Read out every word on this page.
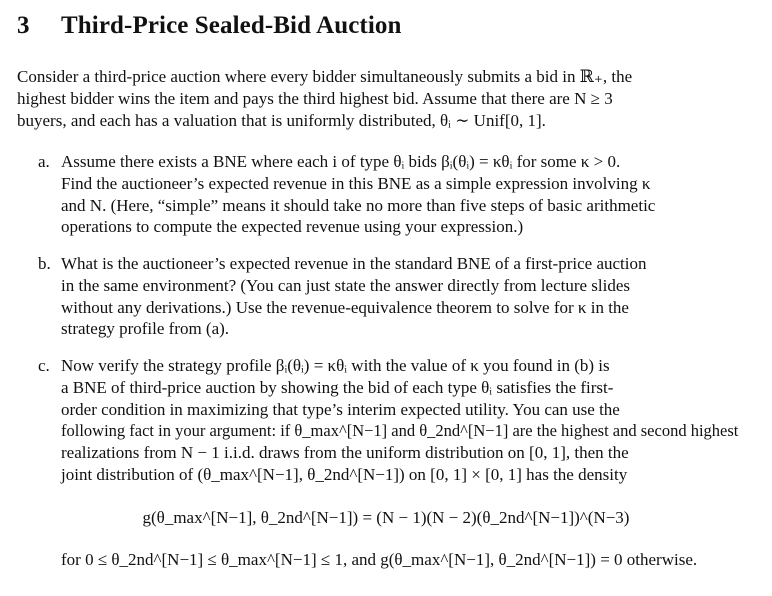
3 Third-Price Sealed-Bid Auction
Consider a third-price auction where every bidder simultaneously submits a bid in ℝ₊, the
highest bidder wins the item and pays the third highest bid. Assume that there are N ≥ 3
buyers, and each has a valuation that is uniformly distributed, θᵢ ∼ Unif[0, 1].
a. Assume there exists a BNE where each i of type θᵢ bids βᵢ(θᵢ) = κθᵢ for some κ > 0.
Find the auctioneer’s expected revenue in this BNE as a simple expression involving κ
and N. (Here, “simple” means it should take no more than five steps of basic arithmetic
operations to compute the expected revenue using your expression.)
b. What is the auctioneer’s expected revenue in the standard BNE of a first-price auction
in the same environment? (You can just state the answer directly from lecture slides
without any derivations.) Use the revenue-equivalence theorem to solve for κ in the
strategy profile from (a).
c. Now verify the strategy profile βᵢ(θᵢ) = κθᵢ with the value of κ you found in (b) is
a BNE of third-price auction by showing the bid of each type θᵢ satisfies the first-
order condition in maximizing that type’s interim expected utility. You can use the
following fact in your argument: if θ_max^[N−1] and θ_2nd^[N−1] are the highest and second highest
realizations from N − 1 i.i.d. draws from the uniform distribution on [0, 1], then the
joint distribution of (θ_max^[N−1], θ_2nd^[N−1]) on [0, 1] × [0, 1] has the density
g(θ_max^[N−1], θ_2nd^[N−1]) = (N − 1)(N − 2)(θ_2nd^[N−1])^(N−3)
for 0 ≤ θ_2nd^[N−1] ≤ θ_max^[N−1] ≤ 1, and g(θ_max^[N−1], θ_2nd^[N−1]) = 0 otherwise.
